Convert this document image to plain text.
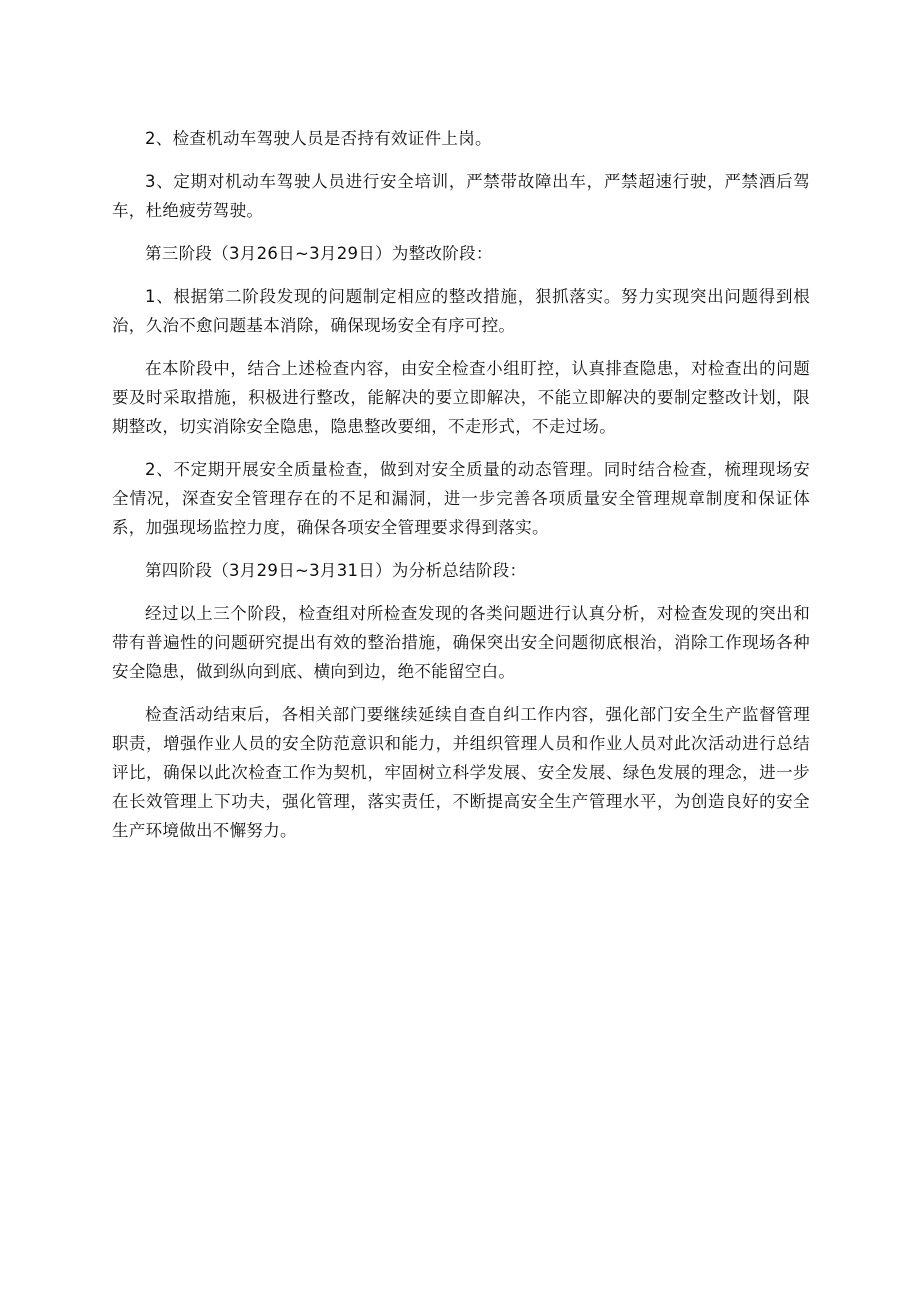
2、检查机动车驾驶人员是否持有效证件上岗。

3、定期对机动车驾驶人员进行安全培训，严禁带故障出车，严禁超速行驶，严禁酒后驾车，杜绝疲劳驾驶。

第三阶段（3月26日~3月29日）为整改阶段：

1、根据第二阶段发现的问题制定相应的整改措施，狠抓落实。努力实现突出问题得到根治，久治不愈问题基本消除，确保现场安全有序可控。

在本阶段中，结合上述检查内容，由安全检查小组盯控，认真排查隐患，对检查出的问题要及时采取措施，积极进行整改，能解决的要立即解决，不能立即解决的要制定整改计划，限期整改，切实消除安全隐患，隐患整改要细，不走形式，不走过场。

2、不定期开展安全质量检查，做到对安全质量的动态管理。同时结合检查，梳理现场安全情况，深查安全管理存在的不足和漏洞，进一步完善各项质量安全管理规章制度和保证体系，加强现场监控力度，确保各项安全管理要求得到落实。

第四阶段（3月29日~3月31日）为分析总结阶段：

经过以上三个阶段，检查组对所检查发现的各类问题进行认真分析，对检查发现的突出和带有普遍性的问题研究提出有效的整治措施，确保突出安全问题彻底根治，消除工作现场各种安全隐患，做到纵向到底、横向到边，绝不能留空白。

检查活动结束后，各相关部门要继续延续自查自纠工作内容，强化部门安全生产监督管理职责，增强作业人员的安全防范意识和能力，并组织管理人员和作业人员对此次活动进行总结评比，确保以此次检查工作为契机，牢固树立科学发展、安全发展、绿色发展的理念，进一步在长效管理上下功夫，强化管理，落实责任，不断提高安全生产管理水平，为创造良好的安全生产环境做出不懈努力。
